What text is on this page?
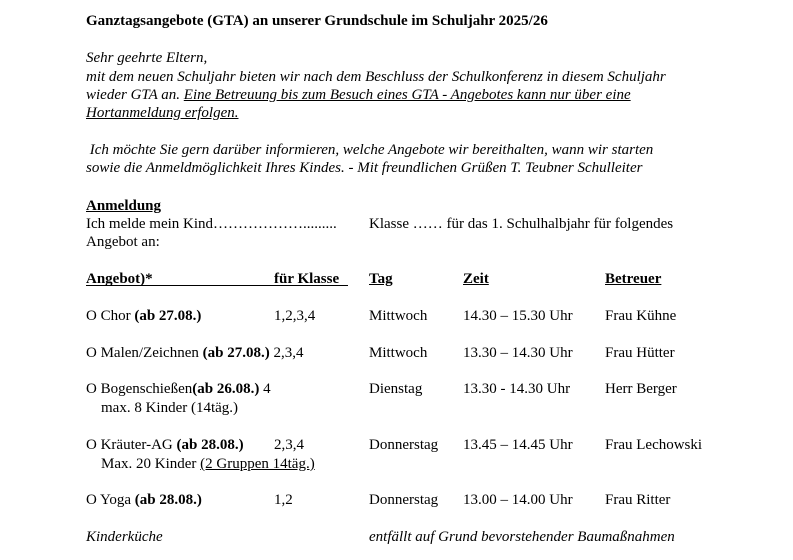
Ganztagsangebote (GTA) an unserer Grundschule im Schuljahr 2025/26
Sehr geehrte Eltern,
mit dem neuen Schuljahr bieten wir nach dem Beschluss der Schulkonferenz in diesem Schuljahr
wieder GTA an. Eine Betreuung bis zum Besuch eines GTA - Angebotes kann nur über eine
Hortanmeldung erfolgen.
Ich möchte Sie gern darüber informieren, welche Angebote wir bereithalten, wann wir starten
sowie die Anmeldmöglichkeit Ihres Kindes. - Mit freundlichen Grüßen T. Teubner Schulleiter
Anmeldung
Ich melde mein Kind………………......... Klasse …… für das 1. Schulhalbjahr für folgendes
Angebot an:
Angebot)*	für Klasse Tag	Zeit	Betreuer
O Chor (ab 27.08.)	1,2,3,4	Mittwoch 14.30 – 15.30 Uhr Frau Kühne
O Malen/Zeichnen (ab 27.08.) 2,3,4	Mittwoch 13.30 – 14.30 Uhr Frau Hütter
O Bogenschießen(ab 26.08.) 4
max. 8 Kinder (14täg.)
Dienstag	13.30 - 14.30 Uhr Herr Berger
O Kräuter-AG (ab 28.08.) 2,3,4
Max. 20 Kinder (2 Gruppen 14täg.)
Donnerstag 13.45 – 14.45 Uhr Frau Lechowski
O Yoga (ab 28.08.)	1,2	Donnerstag 13.00 – 14.00 Uhr Frau Ritter
Kinderküche	entfällt auf Grund bevorstehender Baumaßnahmen
